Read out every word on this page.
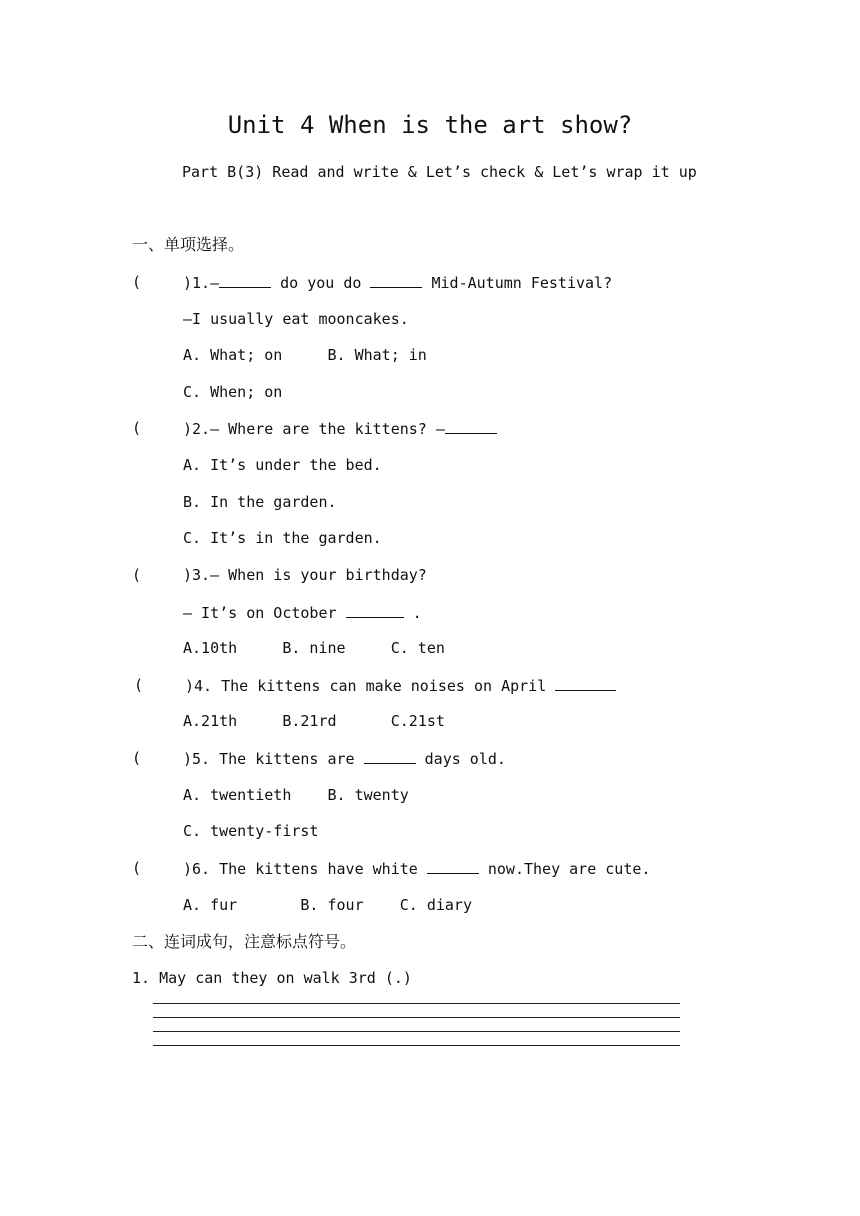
Unit 4 When is the art show?
Part B(3) Read and write & Let’s check & Let’s wrap it up
一、单项选择。
(	)1.—	do you do	Mid-Autumn Festival?
—I usually eat mooncakes.
A. What; on     B. What; in
C. When; on
(	)2.— Where are the kittens? —
A. It’s under the bed.
B. In the garden.
C. It’s in the garden.
(	)3.— When is your birthday?
— It’s on October	.
A.10th     B. nine     C. ten
(	)4. The kittens can make noises on April
A.21th     B.21rd      C.21st
(	)5. The kittens are	days old.
A. twentieth    B. twenty
C. twenty-first
(	)6. The kittens have white	now.They are cute.
A. fur       B. four    C. diary
二、连词成句，注意标点符号。
1. May can they on walk 3rd (.)
